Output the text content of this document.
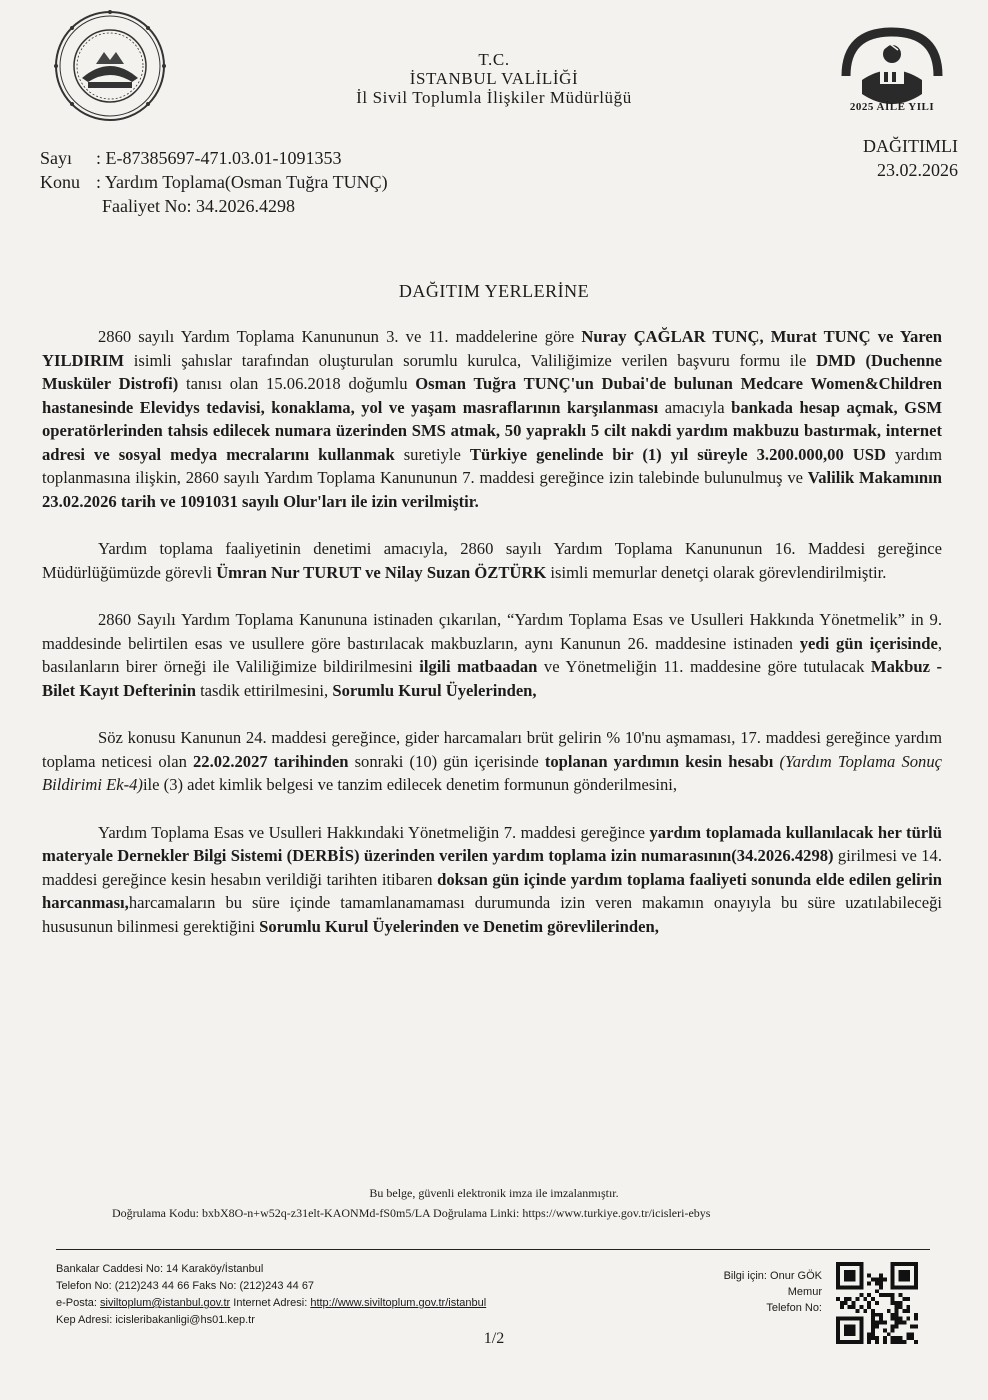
T.C.
İSTANBUL VALİLİĞİ
İl Sivil Toplumla İlişkiler Müdürlüğü	2025 AİLE YILI
Sayı : E-87385697-471.03.01-1091353
Konu : Yardım Toplama(Osman Tuğra TUNÇ)
Faaliyet No: 34.2026.4298
DAĞITIMLI
23.02.2026
DAĞITIM YERLERİNE

2860 sayılı Yardım Toplama Kanununun 3. ve 11. maddelerine göre Nuray ÇAĞLAR TUNÇ, Murat TUNÇ ve Yaren YILDIRIM isimli şahıslar tarafından oluşturulan sorumlu kurulca, Valiliğimize verilen başvuru formu ile DMD (Duchenne Musküler Distrofi) tanısı olan 15.06.2018 doğumlu Osman Tuğra TUNÇ'un Dubai'de bulunan Medcare Women&Children hastanesinde Elevidys tedavisi, konaklama, yol ve yaşam masraflarının karşılanması amacıyla bankada hesap açmak, GSM operatörlerinden tahsis edilecek numara üzerinden SMS atmak, 50 yapraklı 5 cilt nakdi yardım makbuzu bastırmak, internet adresi ve sosyal medya mecralarını kullanmak suretiyle Türkiye genelinde bir (1) yıl süreyle 3.200.000,00 USD yardım toplanmasına ilişkin, 2860 sayılı Yardım Toplama Kanununun 7. maddesi gereğince izin talebinde bulunulmuş ve Valilik Makamının 23.02.2026 tarih ve 1091031 sayılı Olur'ları ile izin verilmiştir.

Yardım toplama faaliyetinin denetimi amacıyla, 2860 sayılı Yardım Toplama Kanununun 16. Maddesi gereğince Müdürlüğümüzde görevli Ümran Nur TURUT ve Nilay Suzan ÖZTÜRK isimli memurlar denetçi olarak görevlendirilmiştir.

2860 Sayılı Yardım Toplama Kanununa istinaden çıkarılan, “Yardım Toplama Esas ve Usulleri Hakkında Yönetmelik” in 9. maddesinde belirtilen esas ve usullere göre bastırılacak makbuzların, aynı Kanunun 26. maddesine istinaden yedi gün içerisinde, basılanların birer örneği ile Valiliğimize bildirilmesini ilgili matbaadan ve Yönetmeliğin 11. maddesine göre tutulacak Makbuz - Bilet Kayıt Defterinin tasdik ettirilmesini, Sorumlu Kurul Üyelerinden,

Söz konusu Kanunun 24. maddesi gereğince, gider harcamaları brüt gelirin % 10'nu aşmaması, 17. maddesi gereğince yardım toplama neticesi olan 22.02.2027 tarihinden sonraki (10) gün içerisinde toplanan yardımın kesin hesabı (Yardım Toplama Sonuç Bildirimi Ek-4)ile (3) adet kimlik belgesi ve tanzim edilecek denetim formunun gönderilmesini,

Yardım Toplama Esas ve Usulleri Hakkındaki Yönetmeliğin 7. maddesi gereğince yardım toplamada kullanılacak her türlü materyale Dernekler Bilgi Sistemi (DERBİS) üzerinden verilen yardım toplama izin numarasının(34.2026.4298) girilmesi ve 14. maddesi gereğince kesin hesabın verildiği tarihten itibaren doksan gün içinde yardım toplama faaliyeti sonunda elde edilen gelirin harcanması,harcamaların bu süre içinde tamamlanamaması durumunda izin veren makamın onayıyla bu süre uzatılabileceği hususunun bilinmesi gerektiğini Sorumlu Kurul Üyelerinden ve Denetim görevlilerinden,

Bu belge, güvenli elektronik imza ile imzalanmıştır.
Doğrulama Kodu: bxbX8O-n+w52q-z31elt-KAONMd-fS0m5/LA Doğrulama Linki: https://www.turkiye.gov.tr/icisleri-ebys
Bankalar Caddesi No: 14 Karaköy/İstanbul
Telefon No: (212)243 44 66 Faks No: (212)243 44 67
e-Posta: siviltoplum@istanbul.gov.tr Internet Adresi: http://www.siviltoplum.gov.tr/istanbul
Kep Adresi: icisleribakanligi@hs01.kep.tr
Bilgi için: Onur GÖK
Memur
Telefon No:
1/2
